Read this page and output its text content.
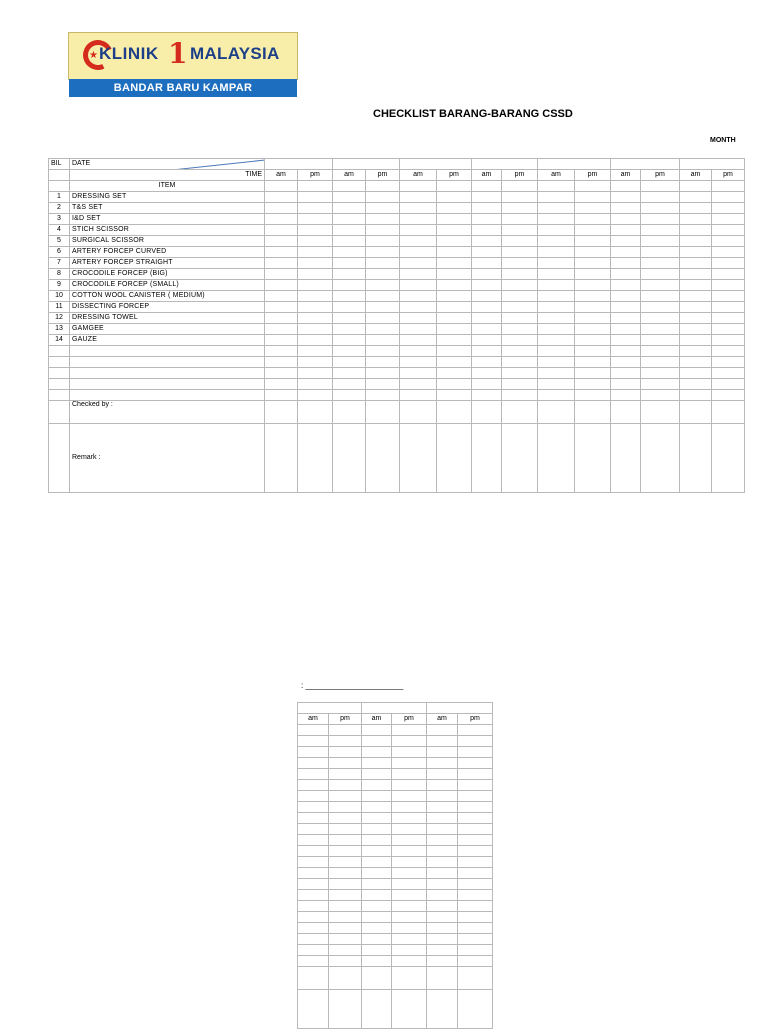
★ KLINIK 1 MALAYSIA
BANDAR BARU KAMPAR
CHECKLIST BARANG-BARANG CSSD
MONTH
BIL	DATE							

	TIME	am	pm	am	pm	am	pm	am	pm	am	pm	am	pm	am	pm
	ITEM														
1	DRESSING SET														
2	T&S SET														
3	I&D SET														
4	STICH SCISSOR														
5	SURGICAL SCISSOR														
6	ARTERY FORCEP CURVED														
7	ARTERY FORCEP STRAIGHT														
8	CROCODILE FORCEP (BIG)														
9	CROCODILE FORCEP (SMALL)														
10	COTTON WOOL CANISTER ( MEDIUM)														
11	DISSECTING FORCEP														
12	DRESSING TOWEL														
13	GAMGEE														
14	GAUZE														

	Checked by :														
	Remark :														
: ______________________

am	pm	am	pm	am	pm
